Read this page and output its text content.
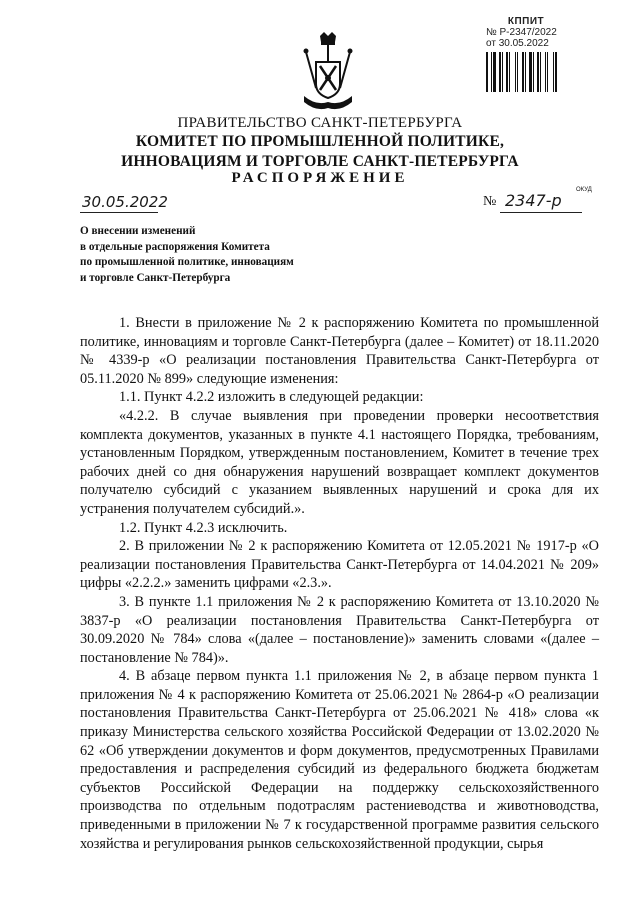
КППИТ
№ Р-2347/2022
от 30.05.2022
ПРАВИТЕЛЬСТВО САНКТ-ПЕТЕРБУРГА
КОМИТЕТ ПО ПРОМЫШЛЕННОЙ ПОЛИТИКЕ,
ИННОВАЦИЯМ И ТОРГОВЛЕ САНКТ-ПЕТЕРБУРГА
РАСПОРЯЖЕНИЕ
30.05.2022
ОКУД
№ 2347-р
О внесении изменений
в отдельные распоряжения Комитета
по промышленной политике, инновациям
и торговле Санкт-Петербурга

1. Внести в приложение № 2 к распоряжению Комитета по промышленной политике, инновациям и торговле Санкт-Петербурга (далее – Комитет) от 18.11.2020 № 4339-р «О реализации постановления Правительства Санкт-Петербурга от 05.11.2020 № 899» следующие изменения:

1.1. Пункт 4.2.2 изложить в следующей редакции:

«4.2.2. В случае выявления при проведении проверки несоответствия комплекта документов, указанных в пункте 4.1 настоящего Порядка, требованиям, установленным Порядком, утвержденным постановлением, Комитет в течение трех рабочих дней со дня обнаружения нарушений возвращает комплект документов получателю субсидий с указанием выявленных нарушений и срока для их устранения получателем субсидий.».

1.2. Пункт 4.2.3 исключить.

2. В приложении № 2 к распоряжению Комитета от 12.05.2021 № 1917-р «О реализации постановления Правительства Санкт-Петербурга от 14.04.2021 № 209» цифры «2.2.2.» заменить цифрами «2.3.».

3. В пункте 1.1 приложения № 2 к распоряжению Комитета от 13.10.2020 № 3837-р «О реализации постановления Правительства Санкт-Петербурга от 30.09.2020 № 784» слова «(далее – постановление)» заменить словами «(далее – постановление № 784)».

4. В абзаце первом пункта 1.1 приложения № 2, в абзаце первом пункта 1 приложения № 4 к распоряжению Комитета от 25.06.2021 № 2864-р «О реализации постановления Правительства Санкт-Петербурга от 25.06.2021 № 418» слова «к приказу Министерства сельского хозяйства Российской Федерации от 13.02.2020 № 62 «Об утверждении документов и форм документов, предусмотренных Правилами предоставления и распределения субсидий из федерального бюджета бюджетам субъектов Российской Федерации на поддержку сельскохозяйственного производства по отдельным подотраслям растениеводства и животноводства, приведенными в приложении № 7 к государственной программе развития сельского хозяйства и регулирования рынков сельскохозяйственной продукции, сырья
